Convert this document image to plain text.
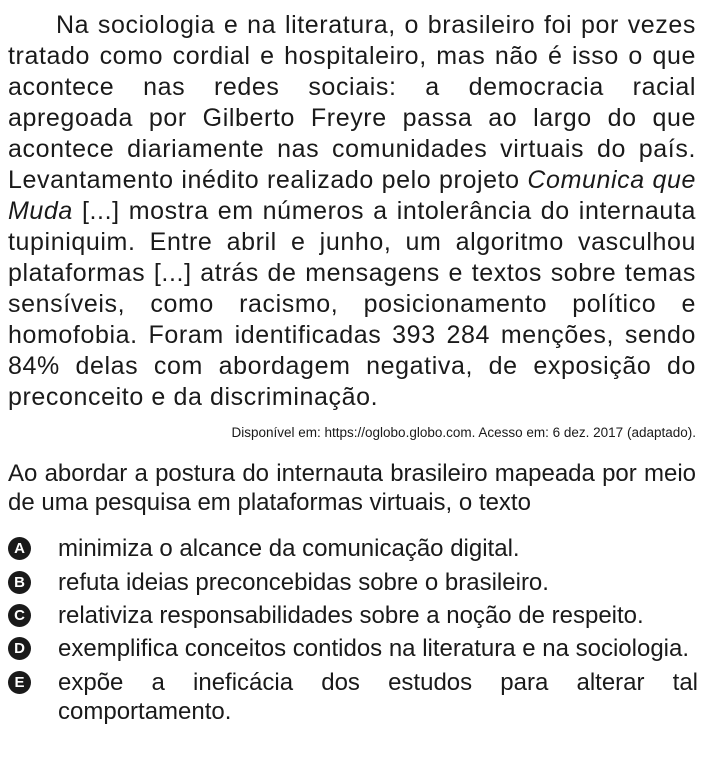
Na sociologia e na literatura, o brasileiro foi por vezes tratado como cordial e hospitaleiro, mas não é isso o que acontece nas redes sociais: a democracia racial apregoada por Gilberto Freyre passa ao largo do que acontece diariamente nas comunidades virtuais do país. Levantamento inédito realizado pelo projeto Comunica que Muda [...] mostra em números a intolerância do internauta tupiniquim. Entre abril e junho, um algoritmo vasculhou plataformas [...] atrás de mensagens e textos sobre temas sensíveis, como racismo, posicionamento político e homofobia. Foram identificadas 393 284 menções, sendo 84% delas com abordagem negativa, de exposição do preconceito e da discriminação.

Disponível em: https://oglobo.globo.com. Acesso em: 6 dez. 2017 (adaptado).

Ao abordar a postura do internauta brasileiro mapeada por meio de uma pesquisa em plataformas virtuais, o texto

A minimiza o alcance da comunicação digital.
B refuta ideias preconcebidas sobre o brasileiro.
C relativiza responsabilidades sobre a noção de respeito.
D exemplifica conceitos contidos na literatura e na sociologia.
E expõe a ineficácia dos estudos para alterar tal comportamento.
